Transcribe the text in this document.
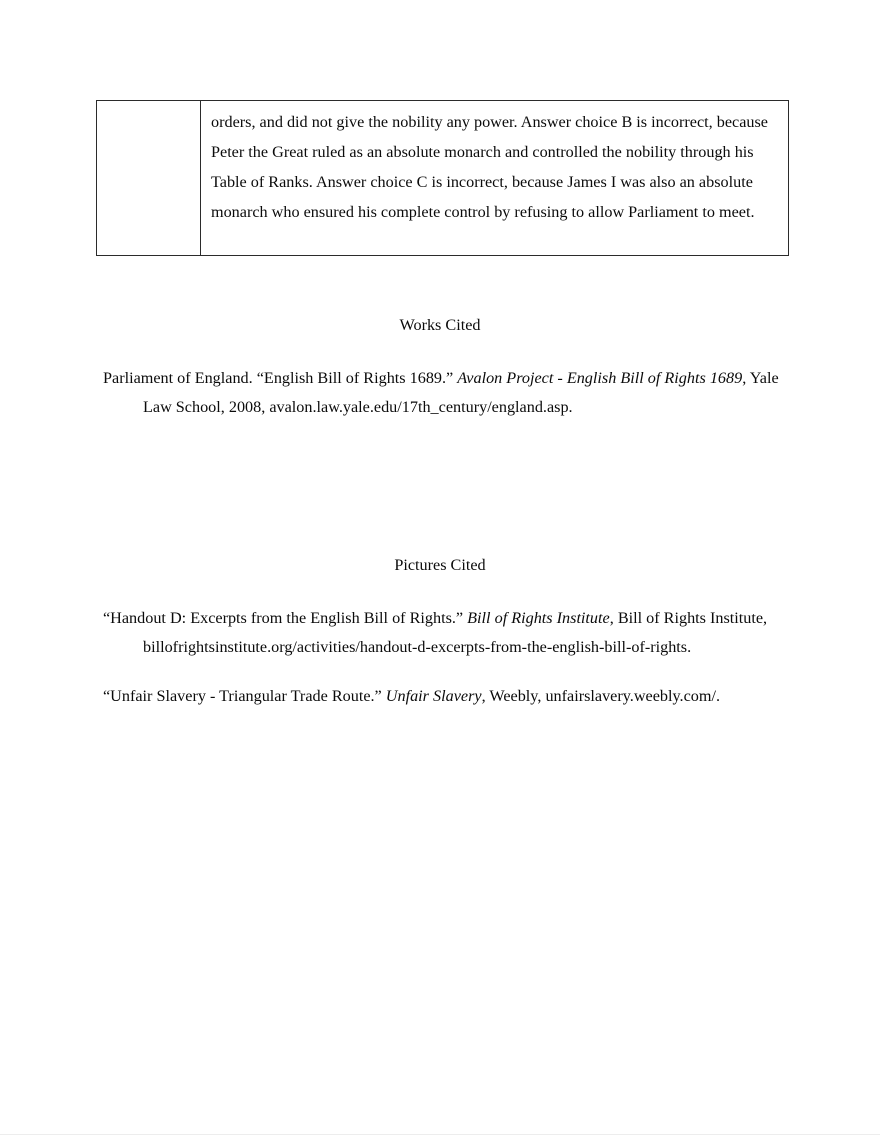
orders, and did not give the nobility any power. Answer choice B is incorrect, because Peter the Great ruled as an absolute monarch and controlled the nobility through his Table of Ranks. Answer choice C is incorrect, because James I was also an absolute monarch who ensured his complete control by refusing to allow Parliament to meet.

Works Cited
Parliament of England. “English Bill of Rights 1689.” Avalon Project - English Bill of Rights 1689, Yale Law School, 2008, avalon.law.yale.edu/17th_century/england.asp.
Pictures Cited
“Handout D: Excerpts from the English Bill of Rights.” Bill of Rights Institute, Bill of Rights Institute, billofrightsinstitute.org/activities/handout-d-excerpts-from-the-english-bill-of-rights.
“Unfair Slavery - Triangular Trade Route.” Unfair Slavery, Weebly, unfairslavery.weebly.com/.
